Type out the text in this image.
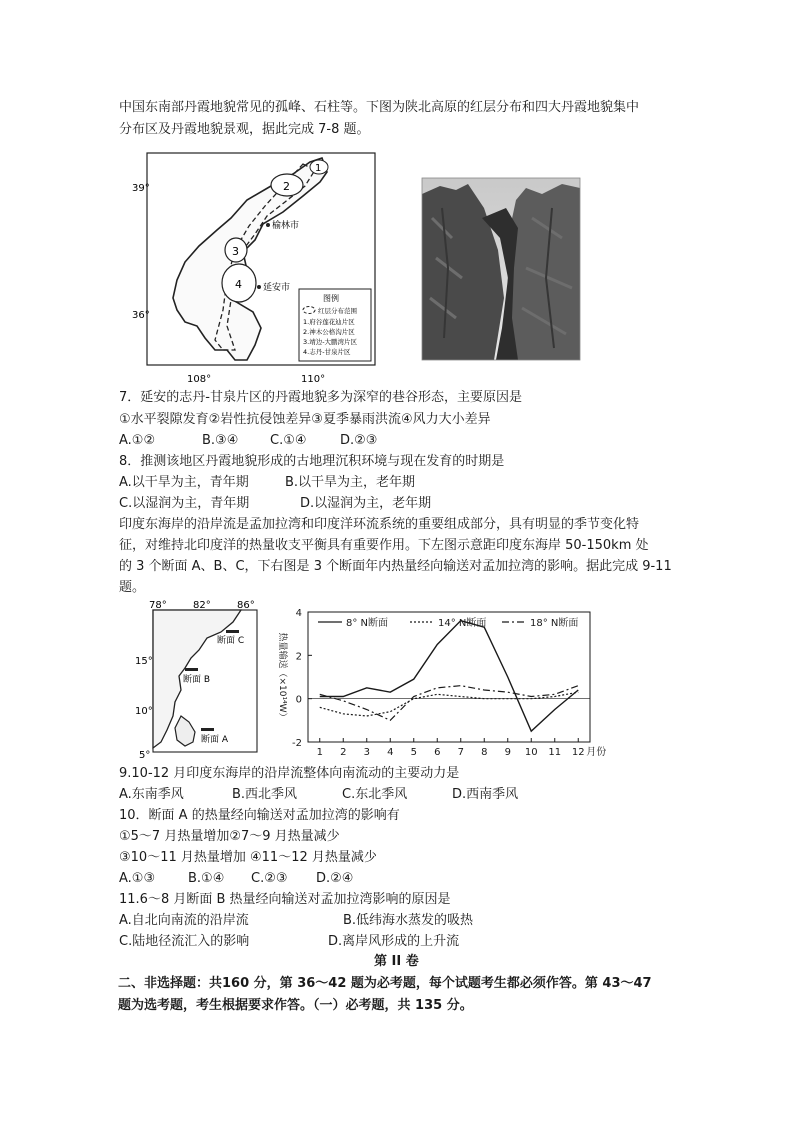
中国东南部丹霞地貌常见的孤峰、石柱等。下图为陕北高原的红层分布和四大丹霞地貌集中
分布区及丹霞地貌景观，据此完成 7-8 题。
1
2
3
4
榆林市
延安市
39°
36°
108°	110°
图例
红层分布范围
1.府谷莲花辿片区
2.神木公格沟片区
3.靖边-大鹏湾片区
4.志丹-甘泉片区
7．延安的志丹-甘泉片区的丹霞地貌多为深窄的巷谷形态，主要原因是
①水平裂隙发育②岩性抗侵蚀差异③夏季暴雨洪流④风力大小差异
A.①②	B.③④ C.①④	D.②③
8．推测该地区丹霞地貌形成的古地理沉积环境与现在发育的时期是
A.以干旱为主，青年期	B.以干旱为主，老年期
C.以湿润为主，青年期	D.以湿润为主，老年期
印度东海岸的沿岸流是孟加拉湾和印度洋环流系统的重要组成部分，具有明显的季节变化特
征，对维持北印度洋的热量收支平衡具有重要作用。下左图示意距印度东海岸 50-150km 处
的 3 个断面 A、B、C，下右图是 3 个断面年内热量经向输送对孟加拉湾的影响。据此完成 9-11
题。
断面 C
断面 B
断面 A
78°	82°	86°
15°
10°
5°
-2
0
2
4
1 2 3 4 5 6 7 8 9 10 11 12 月份
热量输送（×10¹⁴W）
8° N断面	14° N断面	18° N断面
9.10-12 月印度东海岸的沿岸流整体向南流动的主要动力是
A.东南季风	B.西北季风	C.东北季风	D.西南季风
10．断面 A 的热量经向输送对孟加拉湾的影响有
①5～7 月热量增加②7～9 月热量减少
③10～11 月热量增加 ④11～12 月热量减少
A.①③	B.①④ C.②③ D.②④
11.6～8 月断面 B 热量经向输送对孟加拉湾影响的原因是
A.自北向南流的沿岸流	B.低纬海水蒸发的吸热
C.陆地径流汇入的影响	D.离岸风形成的上升流
第 II 卷
二、非选择题：共160 分，第 36～42 题为必考题，每个试题考生都必须作答。第 43～47
题为选考题，考生根据要求作答。（一）必考题，共 135 分。
